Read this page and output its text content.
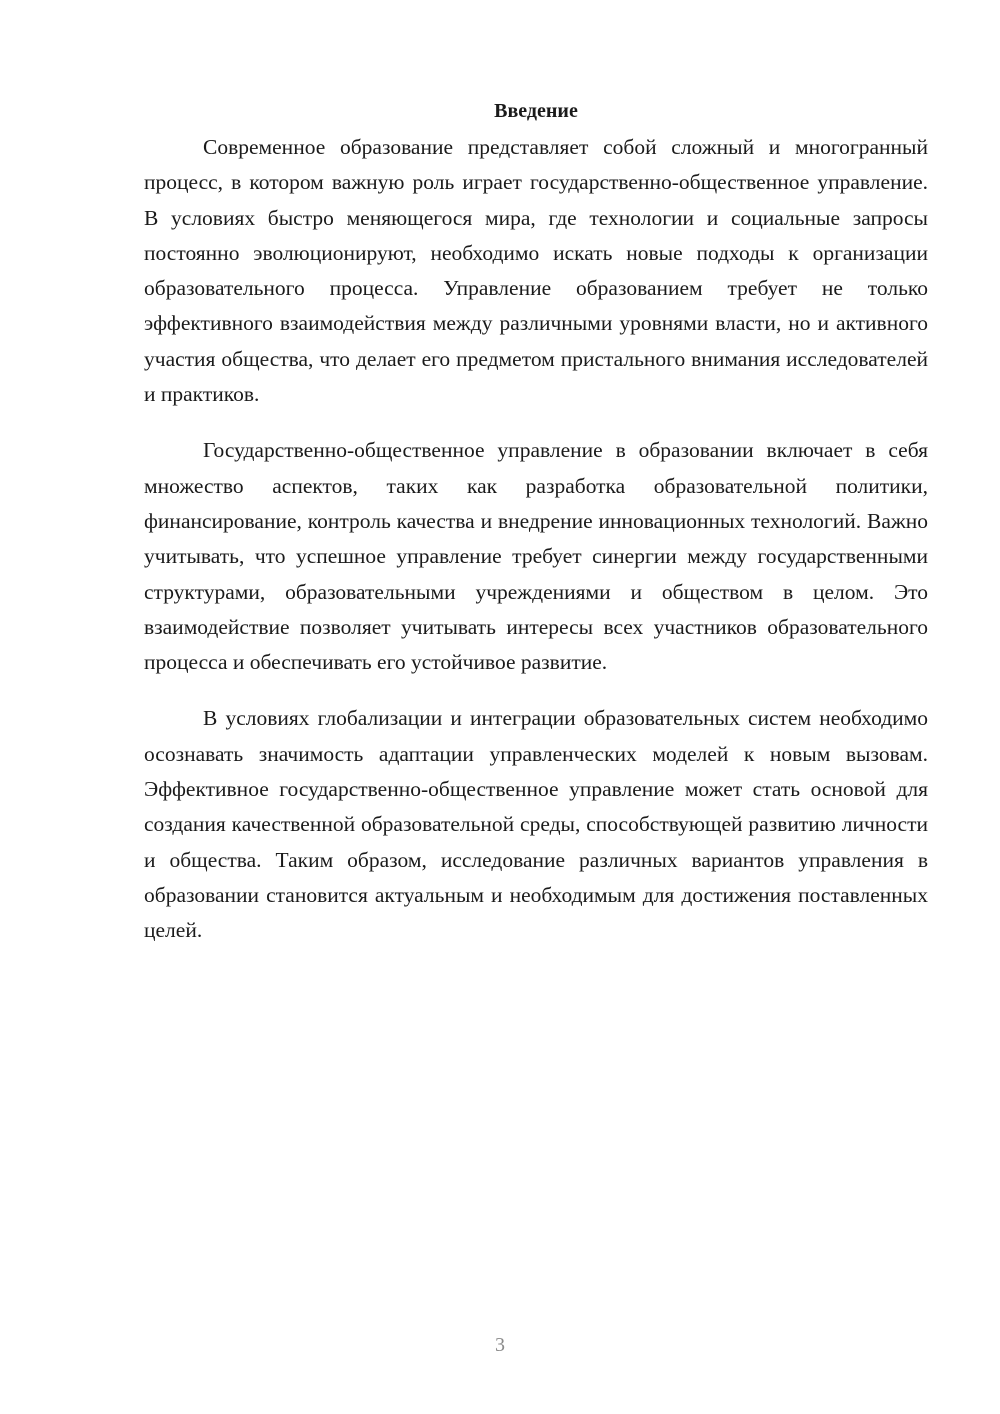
Введение

Современное образование представляет собой сложный и многогранный процесс, в котором важную роль играет государственно-общественное управление. В условиях быстро меняющегося мира, где технологии и социальные запросы постоянно эволюционируют, необходимо искать новые подходы к организации образовательного процесса. Управление образованием требует не только эффективного взаимодействия между различными уровнями власти, но и активного участия общества, что делает его предметом пристального внимания исследователей и практиков.

Государственно-общественное управление в образовании включает в себя множество аспектов, таких как разработка образовательной политики, финансирование, контроль качества и внедрение инновационных технологий. Важно учитывать, что успешное управление требует синергии между государственными структурами, образовательными учреждениями и обществом в целом. Это взаимодействие позволяет учитывать интересы всех участников образовательного процесса и обеспечивать его устойчивое развитие.

В условиях глобализации и интеграции образовательных систем необходимо осознавать значимость адаптации управленческих моделей к новым вызовам. Эффективное государственно-общественное управление может стать основой для создания качественной образовательной среды, способствующей развитию личности и общества. Таким образом, исследование различных вариантов управления в образовании становится актуальным и необходимым для достижения поставленных целей.

3
